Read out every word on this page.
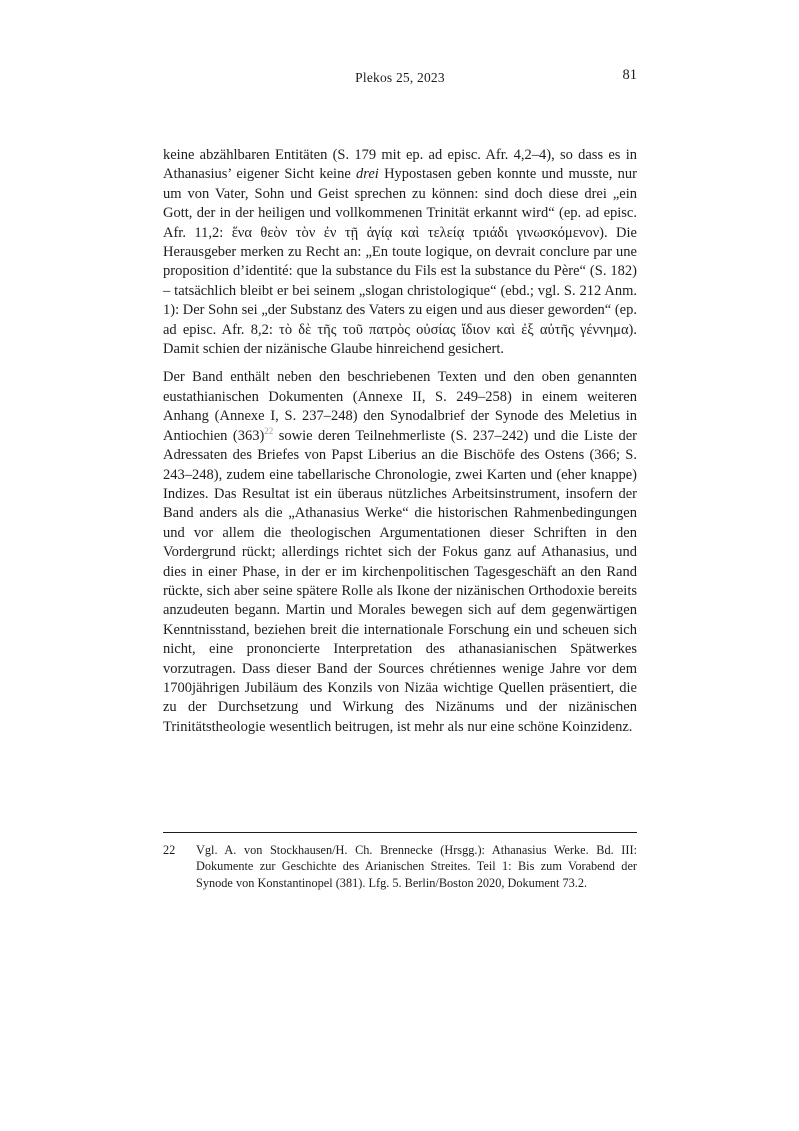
Plekos 25, 2023	81

keine abzählbaren Entitäten (S. 179 mit ep. ad episc. Afr. 4,2–4), so dass es in Athanasius’ eigener Sicht keine drei Hypostasen geben konnte und musste, nur um von Vater, Sohn und Geist sprechen zu können: sind doch diese drei „ein Gott, der in der heiligen und vollkommenen Trinität erkannt wird“ (ep. ad episc. Afr. 11,2: ἕνα θεὸν τὸν ἐν τῇ ἁγίᾳ καὶ τελείᾳ τριάδι γινωσκόμενον). Die Herausgeber merken zu Recht an: „En toute logique, on devrait conclure par une proposition d’identité: que la substance du Fils est la substance du Père“ (S. 182) – tatsächlich bleibt er bei seinem „slogan christologique“ (ebd.; vgl. S. 212 Anm. 1): Der Sohn sei „der Substanz des Vaters zu eigen und aus dieser geworden“ (ep. ad episc. Afr. 8,2: τὸ δὲ τῆς τοῦ πατρὸς οὐσίας ἴδιον καὶ ἐξ αὐτῆς γέννημα). Damit schien der nizänische Glaube hinreichend gesichert.

Der Band enthält neben den beschriebenen Texten und den oben genannten eustathianischen Dokumenten (Annexe II, S. 249–258) in einem weiteren Anhang (Annexe I, S. 237–248) den Synodalbrief der Synode des Meletius in Antiochien $(363)^{22}$ sowie deren Teilnehmerliste (S. 237–242) und die Liste der Adressaten des Briefes von Papst Liberius an die Bischöfe des Ostens (366; S. 243–248), zudem eine tabellarische Chronologie, zwei Karten und (eher knappe) Indizes. Das Resultat ist ein überaus nützliches Arbeitsinstrument, insofern der Band anders als die „Athanasius Werke“ die historischen Rahmenbedingungen und vor allem die theologischen Argumentationen dieser Schriften in den Vordergrund rückt; allerdings richtet sich der Fokus ganz auf Athanasius, und dies in einer Phase, in der er im kirchenpolitischen Tagesgeschäft an den Rand rückte, sich aber seine spätere Rolle als Ikone der nizänischen Orthodoxie bereits anzudeuten begann. Martin und Morales bewegen sich auf dem gegenwärtigen Kenntnisstand, beziehen breit die internationale Forschung ein und scheuen sich nicht, eine prononcierte Interpretation des athanasianischen Spätwerkes vorzutragen. Dass dieser Band der Sources chrétiennes wenige Jahre vor dem 1700jährigen Jubiläum des Konzils von Nizäa wichtige Quellen präsentiert, die zu der Durchsetzung und Wirkung des Nizänums und der nizänischen Trinitätstheologie wesentlich beitrugen, ist mehr als nur eine schöne Koinzidenz.

22	Vgl. A. von Stockhausen/H. Ch. Brennecke (Hrsgg.): Athanasius Werke. Bd. III: Dokumente zur Geschichte des Arianischen Streites. Teil 1: Bis zum Vorabend der Synode von Konstantinopel (381). Lfg. 5. Berlin/Boston 2020, Dokument 73.2.
